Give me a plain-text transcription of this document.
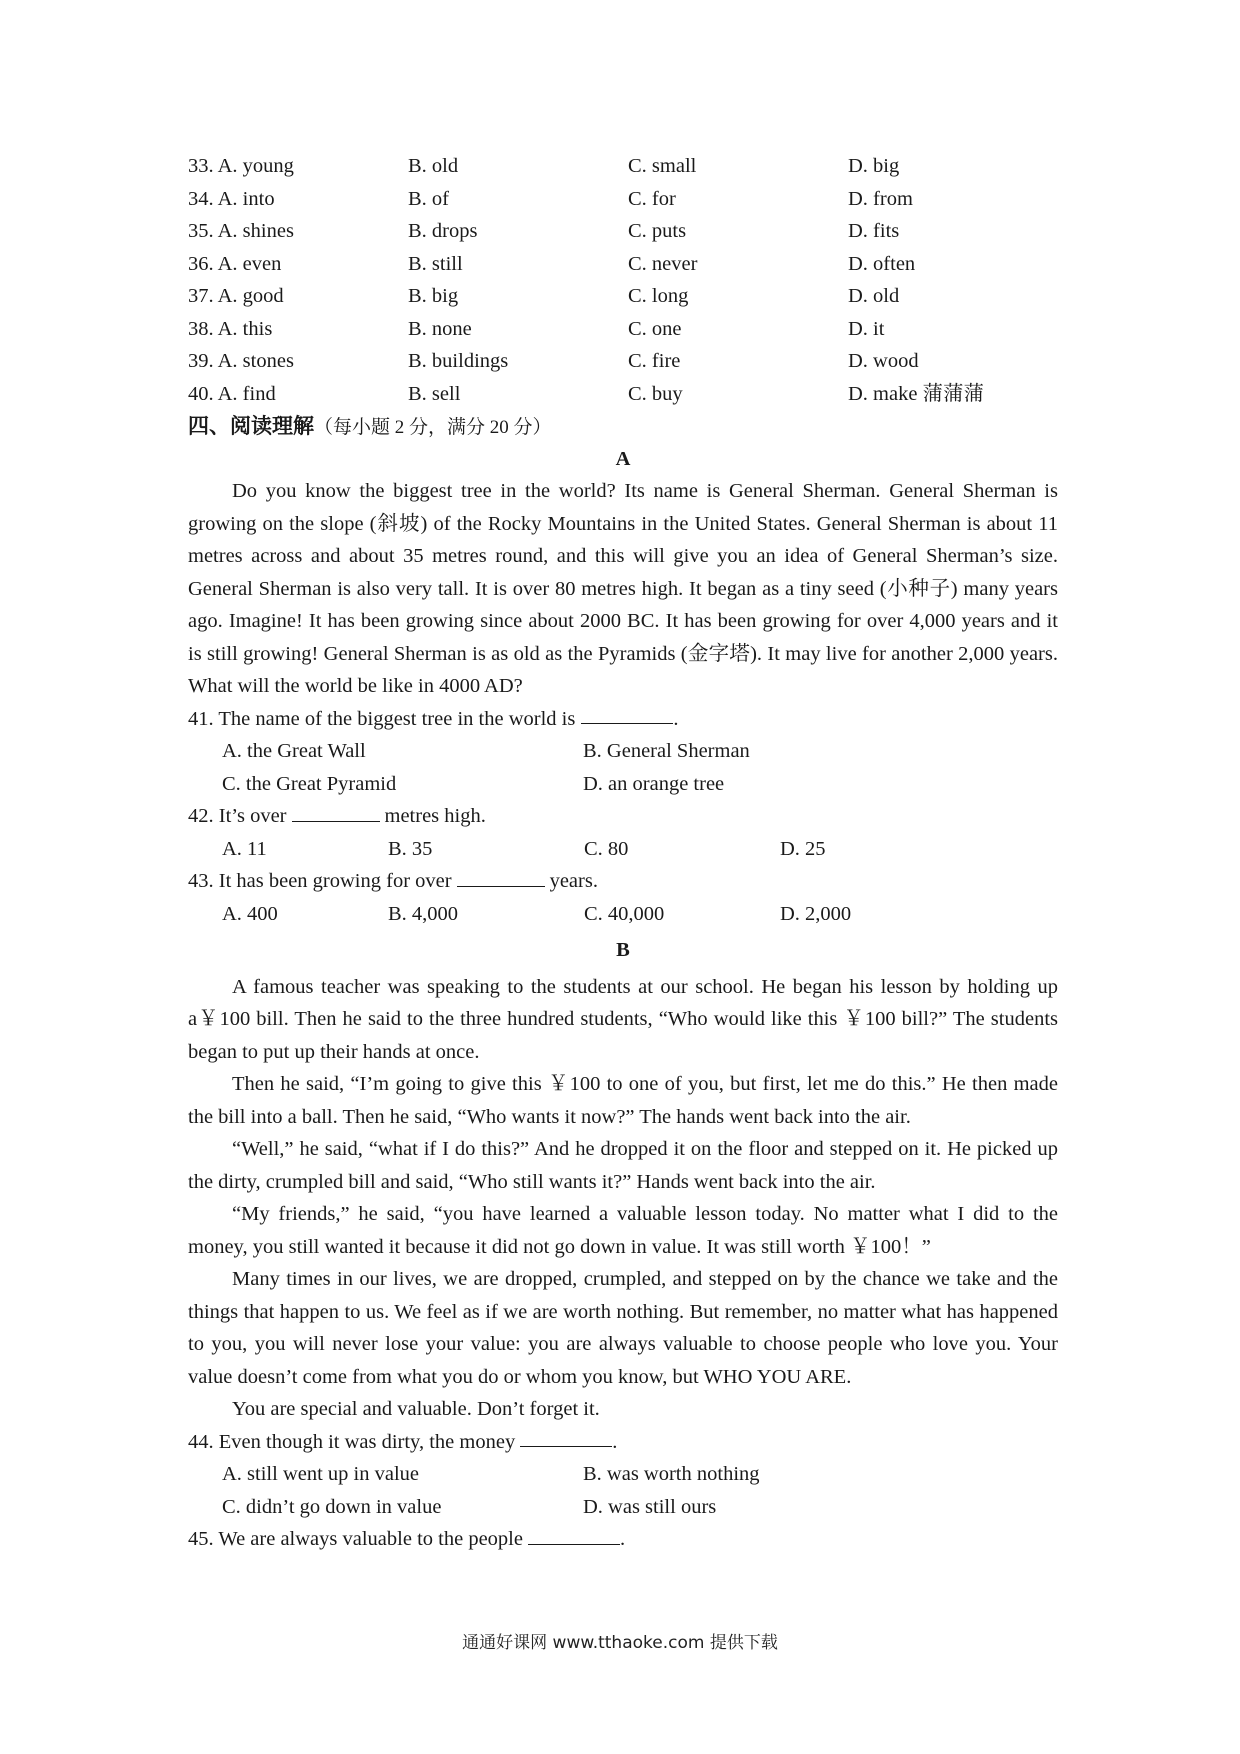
33. A. young	B. old	C. small	D. big
34. A. into	B. of	C. for	D. from
35. A. shines	B. drops	C. puts	D. fits
36. A. even	B. still	C. never	D. often
37. A. good	B. big	C. long	D. old
38. A. this	B. none	C. one	D. it
39. A. stones	B. buildings	C. fire	D. wood
40. A. find	B. sell	C. buy	D. make 蒲蒲蒲
四、阅读理解 （每小题 2 分，满分 20 分）
A

Do you know the biggest tree in the world? Its name is General Sherman. General Sherman is growing on the slope (斜坡) of the Rocky Mountains in the United States. General Sherman is about 11 metres across and about 35 metres round, and this will give you an idea of General Sherman’s size. General Sherman is also very tall. It is over 80 metres high. It began as a tiny seed (小种子) many years ago. Imagine! It has been growing since about 2000 BC. It has been growing for over 4,000 years and it is still growing! General Sherman is as old as the Pyramids (金字塔). It may live for another 2,000 years. What will the world be like in 4000 AD?

41. The name of the biggest tree in the world is	.
A. the Great Wall	B. General Sherman
C. the Great Pyramid	D. an orange tree
42. It’s over	metres high.
A. 11	B. 35	C. 80	D. 25
43. It has been growing for over	years.
A. 400	B. 4,000	C. 40,000	D. 2,000
B

A famous teacher was speaking to the students at our school. He began his lesson by holding up a￥100 bill. Then he said to the three hundred students, “Who would like this ￥100 bill?” The students began to put up their hands at once.

Then he said, “I’m going to give this ￥100 to one of you, but first, let me do this.” He then made the bill into a ball. Then he said, “Who wants it now?” The hands went back into the air.

“Well,” he said, “what if I do this?” And he dropped it on the floor and stepped on it. He picked up the dirty, crumpled bill and said, “Who still wants it?” Hands went back into the air.

“My friends,” he said, “you have learned a valuable lesson today. No matter what I did to the money, you still wanted it because it did not go down in value. It was still worth ￥100！”

Many times in our lives, we are dropped, crumpled, and stepped on by the chance we take and the things that happen to us. We feel as if we are worth nothing. But remember, no matter what has happened to you, you will never lose your value: you are always valuable to choose people who love you. Your value doesn’t come from what you do or whom you know, but WHO YOU ARE.

You are special and valuable. Don’t forget it.

44. Even though it was dirty, the money	.
A. still went up in value	B. was worth nothing
C. didn’t go down in value	D. was still ours
45. We are always valuable to the people	.
通通好课网 www.tthaoke.com 提供下载
